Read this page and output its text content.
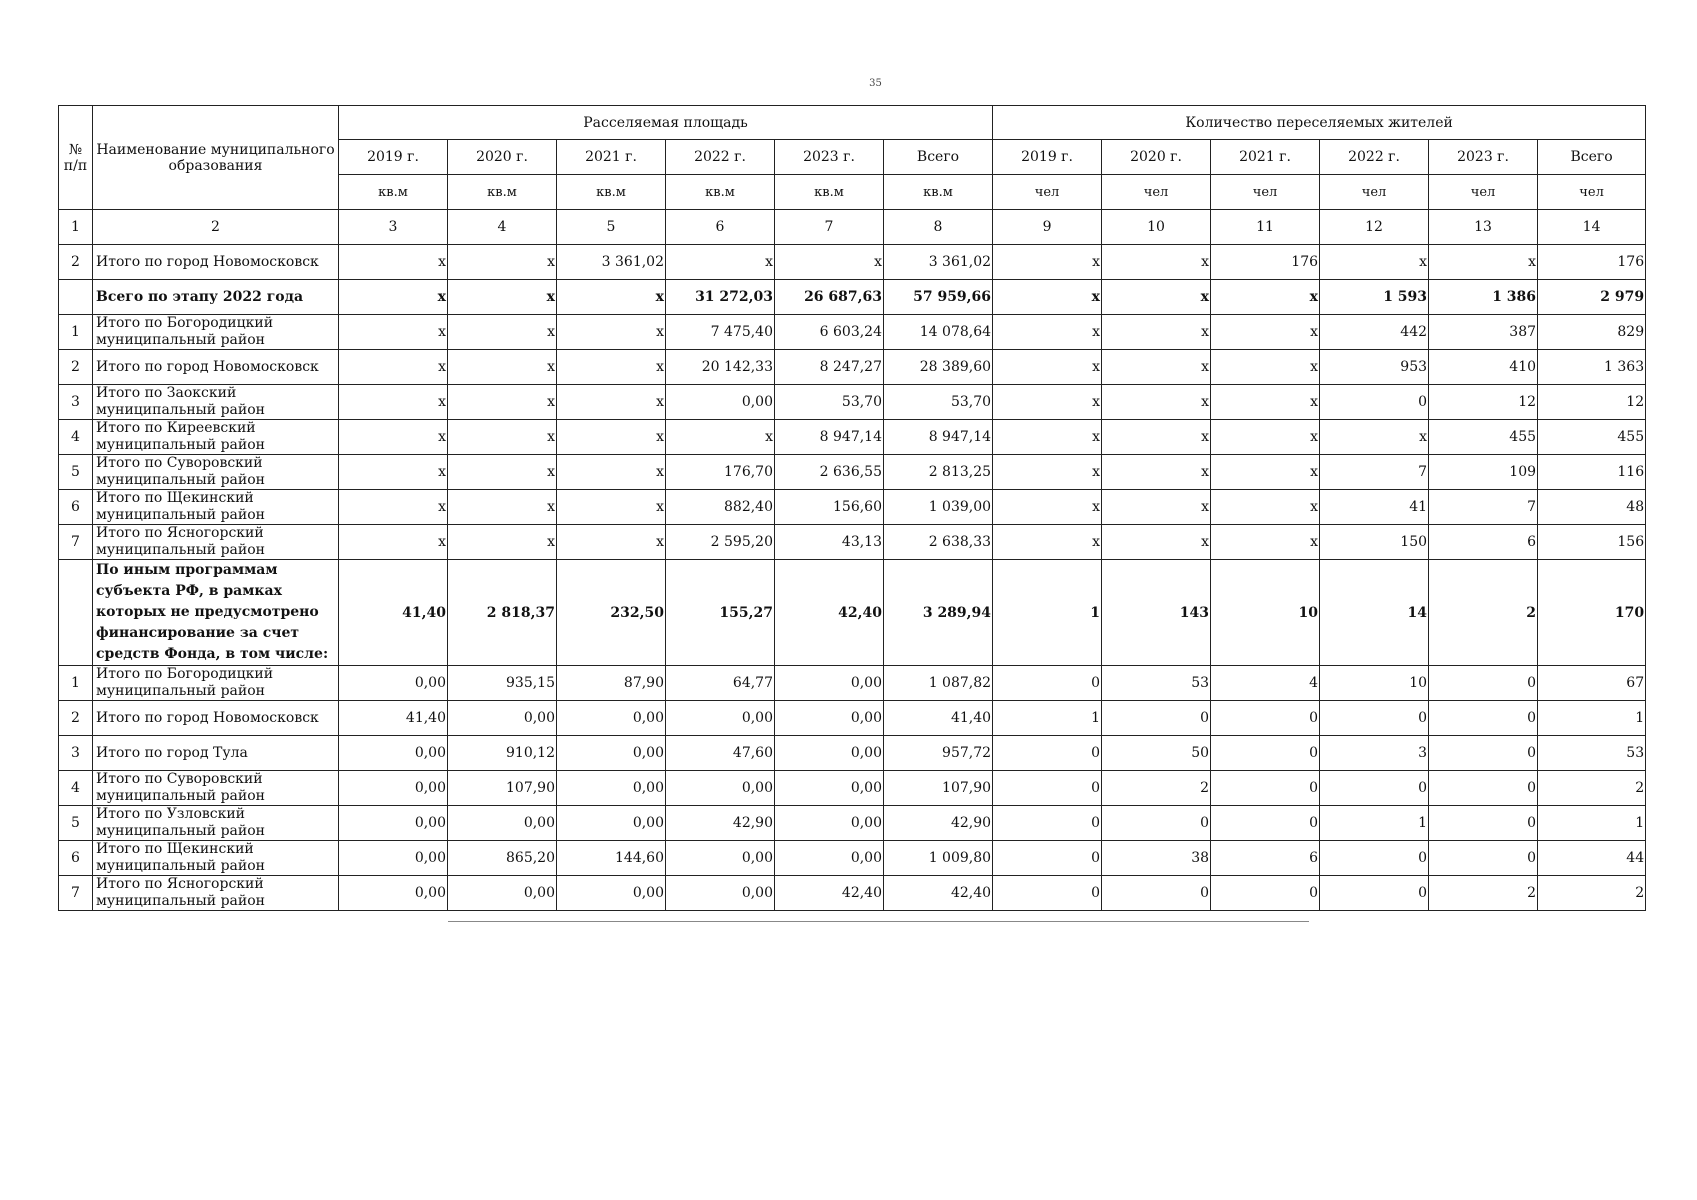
35
№ п/п	Наименование муниципального образования	Расселяемая площадь						Количество переселяемых жителей					
		2019 г.	2020 г.	2021 г.	2022 г.	2023 г.	Всего	2019 г.	2020 г.	2021 г.	2022 г.	2023 г.	Всего
		кв.м	кв.м	кв.м	кв.м	кв.м	кв.м	чел	чел	чел	чел	чел	чел
1	2	3	4	5	6	7	8	9	10	11	12	13	14
2	Итого по город Новомосковск	х	х	3 361,02	х	х	3 361,02	х	х	176	х	х	176
	Всего по этапу 2022 года	х	х	х	31 272,03	26 687,63	57 959,66	х	х	х	1 593	1 386	2 979
1	Итого по Богородицкий муниципальный район	х	х	х	7 475,40	6 603,24	14 078,64	х	х	х	442	387	829
2	Итого по город Новомосковск	х	х	х	20 142,33	8 247,27	28 389,60	х	х	х	953	410	1 363
3	Итого по Заокский муниципальный район	х	х	х	0,00	53,70	53,70	х	х	х	0	12	12
4	Итого по Киреевский муниципальный район	х	х	х	х	8 947,14	8 947,14	х	х	х	х	455	455
5	Итого по Суворовский муниципальный район	х	х	х	176,70	2 636,55	2 813,25	х	х	х	7	109	116
6	Итого по Щекинский муниципальный район	х	х	х	882,40	156,60	1 039,00	х	х	х	41	7	48
7	Итого по Ясногорский муниципальный район	х	х	х	2 595,20	43,13	2 638,33	х	х	х	150	6	156
	По иным программам субъекта РФ, в рамках которых не предусмотрено финансирование за счет средств Фонда, в том числе:	41,40	2 818,37	232,50	155,27	42,40	3 289,94	1	143	10	14	2	170
1	Итого по Богородицкий муниципальный район	0,00	935,15	87,90	64,77	0,00	1 087,82	0	53	4	10	0	67
2	Итого по город Новомосковск	41,40	0,00	0,00	0,00	0,00	41,40	1	0	0	0	0	1
3	Итого по город Тула	0,00	910,12	0,00	47,60	0,00	957,72	0	50	0	3	0	53
4	Итого по Суворовский муниципальный район	0,00	107,90	0,00	0,00	0,00	107,90	0	2	0	0	0	2
5	Итого по Узловский муниципальный район	0,00	0,00	0,00	42,90	0,00	42,90	0	0	0	1	0	1
6	Итого по Щекинский муниципальный район	0,00	865,20	144,60	0,00	0,00	1 009,80	0	38	6	0	0	44
7	Итого по Ясногорский муниципальный район	0,00	0,00	0,00	0,00	42,40	42,40	0	0	0	0	2	2
